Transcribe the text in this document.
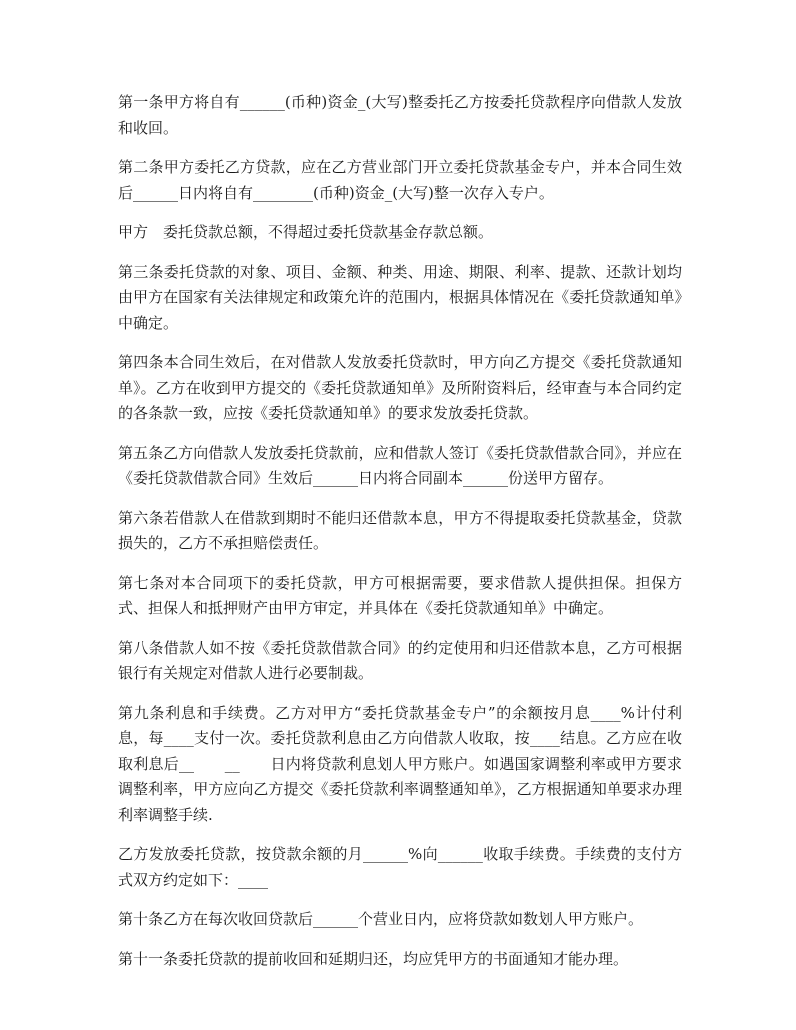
第一条甲方将自有______(币种)资金_(大写)整委托乙方按委托贷款程序向借款人发放和收回。

第二条甲方委托乙方贷款，应在乙方营业部门开立委托贷款基金专户，并本合同生效后______日内将自有________(币种)资金_(大写)整一次存入专户。

甲方　委托贷款总额，不得超过委托贷款基金存款总额。

第三条委托贷款的对象、项目、金额、种类、用途、期限、利率、提款、还款计划均由甲方在国家有关法律规定和政策允许的范围内，根据具体情况在《委托贷款通知单》中确定。

第四条本合同生效后，在对借款人发放委托贷款时，甲方向乙方提交《委托贷款通知单》。乙方在收到甲方提交的《委托贷款通知单》及所附资料后，经审查与本合同约定的各条款一致，应按《委托贷款通知单》的要求发放委托贷款。

第五条乙方向借款人发放委托贷款前，应和借款人签订《委托贷款借款合同》，并应在《委托贷款借款合同》生效后______日内将合同副本______份送甲方留存。

第六条若借款人在借款到期时不能归还借款本息，甲方不得提取委托贷款基金，贷款损失的，乙方不承担赔偿责任。

第七条对本合同项下的委托贷款，甲方可根据需要，要求借款人提供担保。担保方式、担保人和抵押财产由甲方审定，并具体在《委托贷款通知单》中确定。

第八条借款人如不按《委托贷款借款合同》的约定使用和归还借款本息，乙方可根据银行有关规定对借款人进行必要制裁。

第九条利息和手续费。乙方对甲方“委托贷款基金专户”的余额按月息____%计付利息，每____支付一次。委托贷款利息由乙方向借款人收取，按____结息。乙方应在收取利息后__　　__　　日内将贷款利息划人甲方账户。如遇国家调整利率或甲方要求调整利率，甲方应向乙方提交《委托贷款利率调整通知单》，乙方根据通知单要求办理利率调整手续.

乙方发放委托贷款，按贷款余额的月______%向______收取手续费。手续费的支付方式双方约定如下：____

第十条乙方在每次收回贷款后______个营业日内，应将贷款如数划人甲方账户。

第十一条委托贷款的提前收回和延期归还，均应凭甲方的书面通知才能办理。
